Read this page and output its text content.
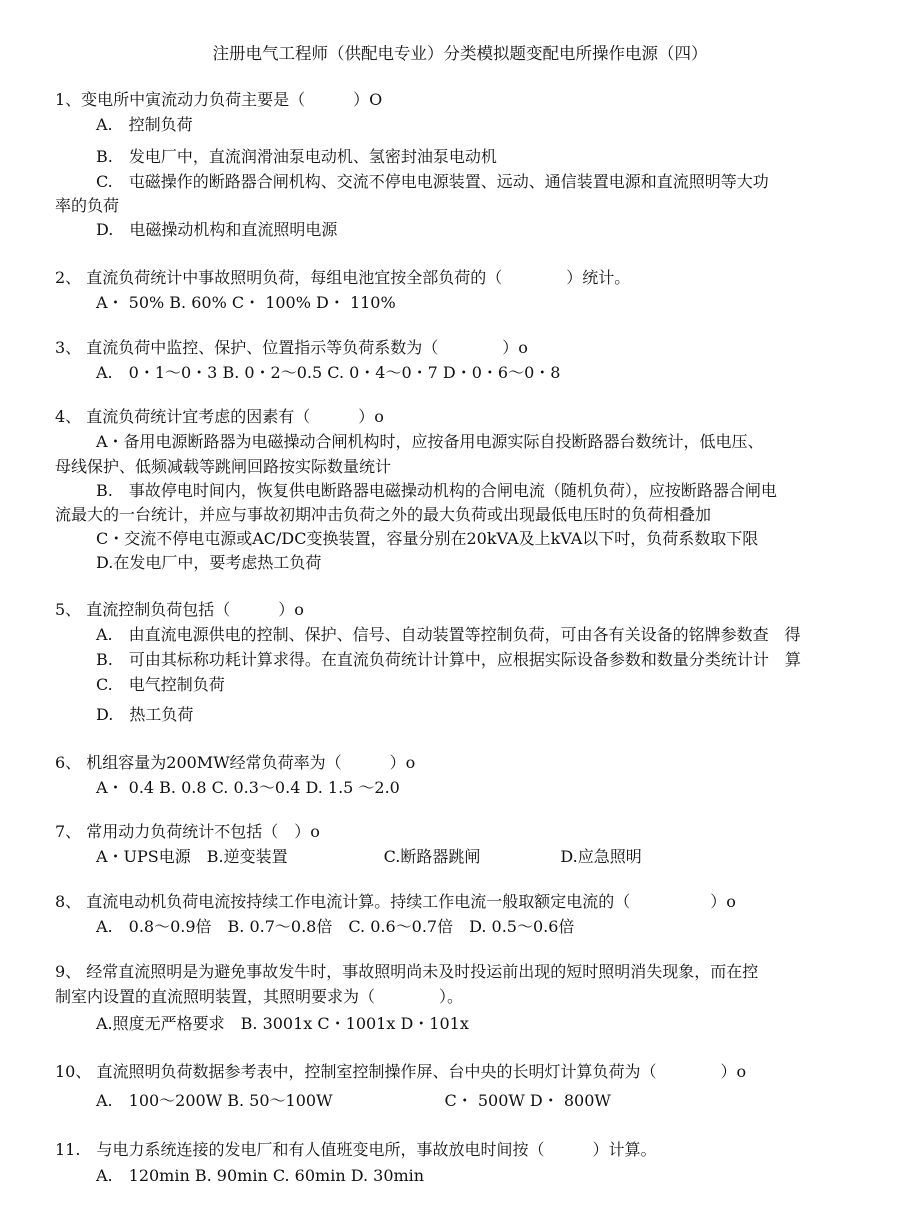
注册电气工程师（供配电专业）分类模拟题变配电所操作电源（四）
1、变电所中寅流动力负荷主要是（　　　）O
A.　控制负荷
B.　发电厂中，直流润滑油泵电动机、氢密封油泵电动机
C.　屯磁操作的断路器合闸机构、交流不停电电源装置、远动、通信装置电源和直流照明等大功
率的负荷
D.　电磁操动机构和直流照明电源
2、 直流负荷统计中事故照明负荷，每组电池宜按全部负荷的（　　　　）统计。
A・ 50% B. 60% C・ 100% D・ 110%
3、 直流负荷中监控、保护、位置指示等负荷系数为（　　　　）o
A.　0・1〜0・3 B. 0・2〜0.5 C. 0・4〜0・7 D・0・6〜0・8
4、 直流负荷统计宜考虑的因素有（　　　）o
A・备用电源断路器为电磁操动合闸机构时，应按备用电源实际自投断路器台数统计，低电压、
母线保护、低频减载等跳闸回路按实际数量统计
B.　事故停电时间内，恢复供电断路器电磁操动机构的合闸电流（随机负荷），应按断路器合闸电
流最大的一台统计，并应与事故初期冲击负荷之外的最大负荷或出现最低电压时的负荷相叠加
C・交流不停电屯源或AC/DC变换装置，容量分别在20kVA及上kVA以下吋，负荷系数取下限
D.在发电厂中，要考虑热工负荷
5、 直流控制负荷包括（　　　）o
A.　由直流电源供电的控制、保护、信号、自动装置等控制负荷，可由各有关设备的铭牌参数查　得
B.　可由其标称功耗计算求得。在直流负荷统计计算中，应根据实际设备参数和数量分类统计计　算
C.　电气控制负荷
D.　热工负荷
6、 机组容量为200MW经常负荷率为（　　　）o
A・ 0.4 B. 0.8 C. 0.3〜0.4 D. 1.5 〜2.0
7、 常用动力负荷统计不包括（　）o
A・UPS电源　B.逆变装置　　　　　　C.断路器跳闸　　　　　D.应急照明
8、 直流电动机负荷电流按持续工作电流计算。持续工作电流一般取额定电流的（　　　　　）o
A.　0.8〜0.9倍　B. 0.7〜0.8倍　C. 0.6〜0.7倍　D. 0.5〜0.6倍
9、 经常直流照明是为避免事故发牛时，事故照明尚未及时投运前出现的短时照明消失现象，而在控
制室内设置的直流照明装置，其照明要求为（　　　　）。
A.照度无严格要求　B. 3001x C・1001x D・101x
10、 直流照明负荷数据参考表中，控制室控制操作屏、台中央的长明灯计算负荷为（　　　　）o
A.　100〜200W B. 50〜100W　　　　　　　C・ 500W D・ 800W
11.　与电力系统连接的发电厂和有人值班变电所，事故放电时间按（　　　）计算。
A.　120min B. 90min C. 60min D. 30min
